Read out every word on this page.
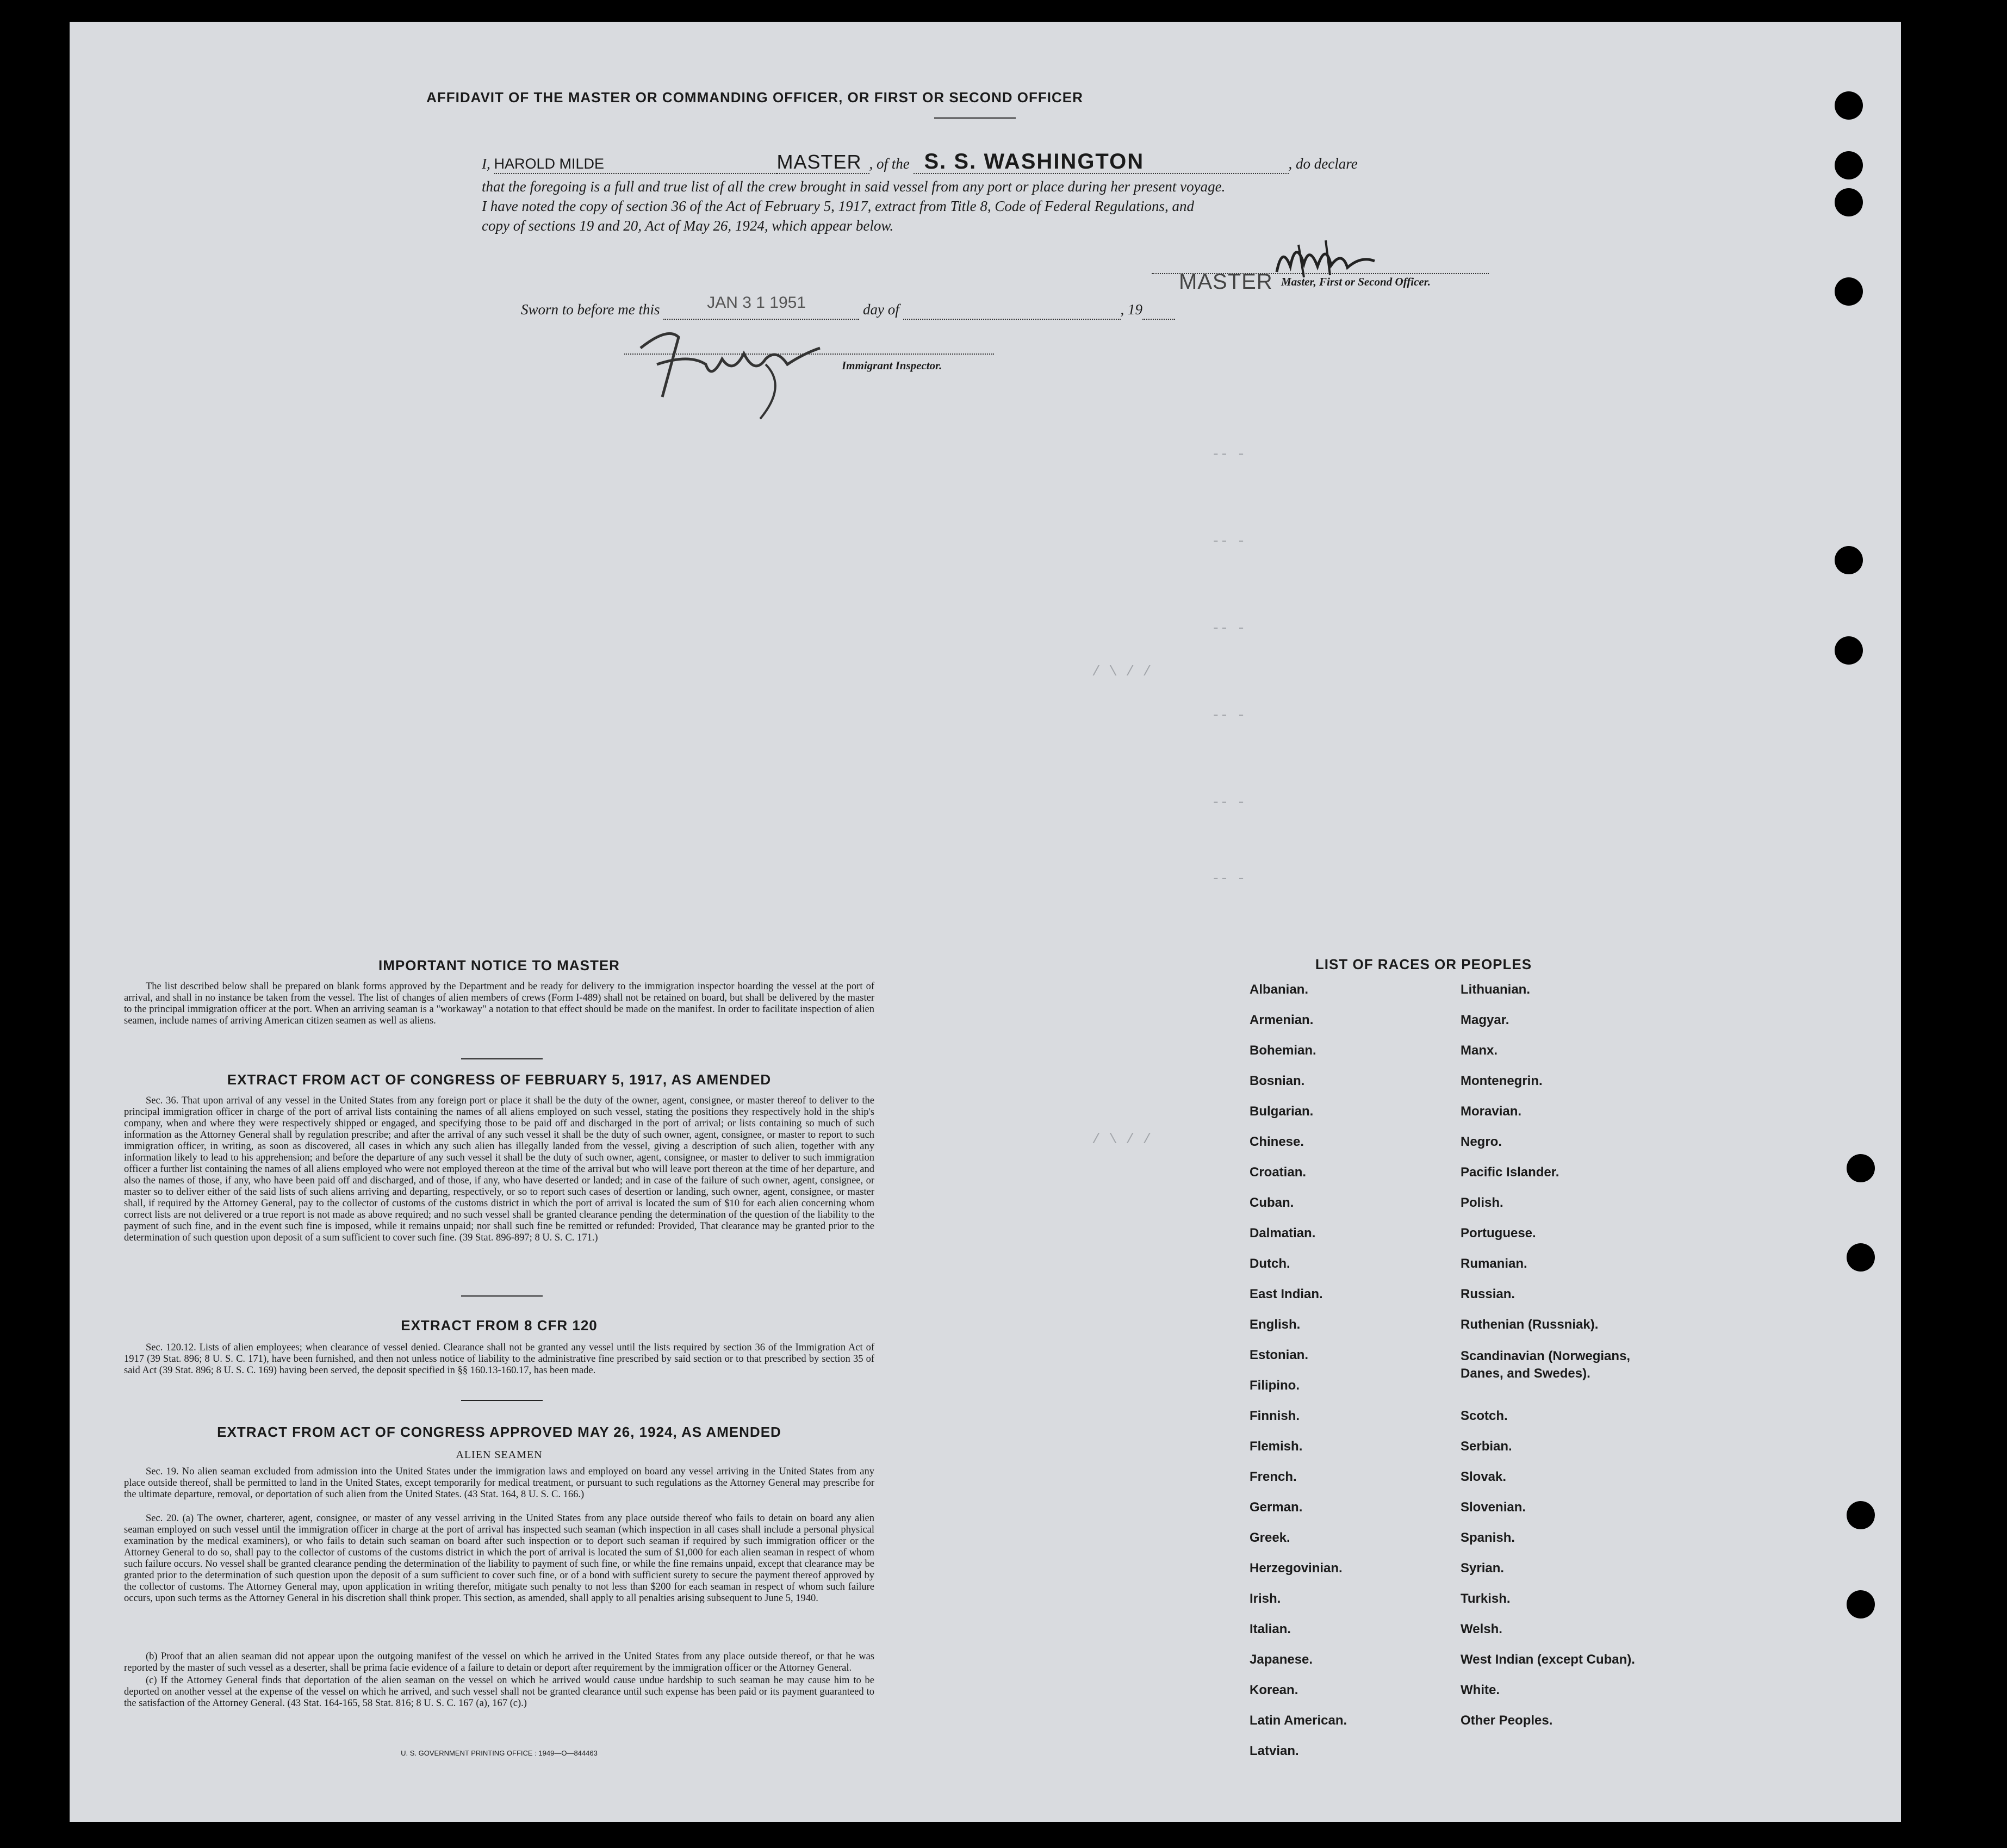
-- -
-- -
-- -
-- -
-- -
-- -
/ \ / /
/ \ / /
AFFIDAVIT OF THE MASTER OR COMMANDING OFFICER, OR FIRST OR SECOND OFFICER
I, HAROLD MILDE	MASTER , of the S. S. WASHINGTON	, do declare
that the foregoing is a full and true list of all the crew brought in said vessel from any port or place during her present voyage.
I have noted the copy of section 36 of the Act of February 5, 1917, extract from Title 8, Code of Federal Regulations, and
copy of sections 19 and 20, Act of May 26, 1924, which appear below.
MASTER Master, First or Second Officer.
Sworn to before me this	JAN 3 1 1951	day of	, 19
Immigrant Inspector.
IMPORTANT NOTICE TO MASTER
The list described below shall be prepared on blank forms approved by the Department and be ready for delivery to the immigration inspector boarding the vessel at the port of arrival, and shall in no instance be taken from the vessel. The list of changes of alien members of crews (Form I-489) shall not be retained on board, but shall be delivered by the master to the principal immigration officer at the port. When an arriving seaman is a "workaway" a notation to that effect should be made on the manifest. In order to facilitate inspection of alien seamen, include names of arriving American citizen seamen as well as aliens.
EXTRACT FROM ACT OF CONGRESS OF FEBRUARY 5, 1917, AS AMENDED
Sec. 36. That upon arrival of any vessel in the United States from any foreign port or place it shall be the duty of the owner, agent, consignee, or master thereof to deliver to the principal immigration officer in charge of the port of arrival lists containing the names of all aliens employed on such vessel, stating the positions they respectively hold in the ship's company, when and where they were respectively shipped or engaged, and specifying those to be paid off and discharged in the port of arrival; or lists containing so much of such information as the Attorney General shall by regulation prescribe; and after the arrival of any such vessel it shall be the duty of such owner, agent, consignee, or master to report to such immigration officer, in writing, as soon as discovered, all cases in which any such alien has illegally landed from the vessel, giving a description of such alien, together with any information likely to lead to his apprehension; and before the departure of any such vessel it shall be the duty of such owner, agent, consignee, or master to deliver to such immigration officer a further list containing the names of all aliens employed who were not employed thereon at the time of the arrival but who will leave port thereon at the time of her departure, and also the names of those, if any, who have been paid off and discharged, and of those, if any, who have deserted or landed; and in case of the failure of such owner, agent, consignee, or master so to deliver either of the said lists of such aliens arriving and departing, respectively, or so to report such cases of desertion or landing, such owner, agent, consignee, or master shall, if required by the Attorney General, pay to the collector of customs of the customs district in which the port of arrival is located the sum of $10 for each alien concerning whom correct lists are not delivered or a true report is not made as above required; and no such vessel shall be granted clearance pending the determination of the question of the liability to the payment of such fine, and in the event such fine is imposed, while it remains unpaid; nor shall such fine be remitted or refunded: Provided, That clearance may be granted prior to the determination of such question upon deposit of a sum sufficient to cover such fine. (39 Stat. 896-897; 8 U. S. C. 171.)
EXTRACT FROM 8 CFR 120
Sec. 120.12. Lists of alien employees; when clearance of vessel denied. Clearance shall not be granted any vessel until the lists required by section 36 of the Immigration Act of 1917 (39 Stat. 896; 8 U. S. C. 171), have been furnished, and then not unless notice of liability to the administrative fine prescribed by said section or to that prescribed by section 35 of said Act (39 Stat. 896; 8 U. S. C. 169) having been served, the deposit specified in §§ 160.13-160.17, has been made.
EXTRACT FROM ACT OF CONGRESS APPROVED MAY 26, 1924, AS AMENDED
ALIEN SEAMEN
Sec. 19. No alien seaman excluded from admission into the United States under the immigration laws and employed on board any vessel arriving in the United States from any place outside thereof, shall be permitted to land in the United States, except temporarily for medical treatment, or pursuant to such regulations as the Attorney General may prescribe for the ultimate departure, removal, or deportation of such alien from the United States. (43 Stat. 164, 8 U. S. C. 166.)
Sec. 20. (a) The owner, charterer, agent, consignee, or master of any vessel arriving in the United States from any place outside thereof who fails to detain on board any alien seaman employed on such vessel until the immigration officer in charge at the port of arrival has inspected such seaman (which inspection in all cases shall include a personal physical examination by the medical examiners), or who fails to detain such seaman on board after such inspection or to deport such seaman if required by such immigration officer or the Attorney General to do so, shall pay to the collector of customs of the customs district in which the port of arrival is located the sum of $1,000 for each alien seaman in respect of whom such failure occurs. No vessel shall be granted clearance pending the determination of the liability to payment of such fine, or while the fine remains unpaid, except that clearance may be granted prior to the determination of such question upon the deposit of a sum sufficient to cover such fine, or of a bond with sufficient surety to secure the payment thereof approved by the collector of customs. The Attorney General may, upon application in writing therefor, mitigate such penalty to not less than $200 for each seaman in respect of whom such failure occurs, upon such terms as the Attorney General in his discretion shall think proper. This section, as amended, shall apply to all penalties arising subsequent to June 5, 1940.
(b) Proof that an alien seaman did not appear upon the outgoing manifest of the vessel on which he arrived in the United States from any place outside thereof, or that he was reported by the master of such vessel as a deserter, shall be prima facie evidence of a failure to detain or deport after requirement by the immigration officer or the Attorney General.
(c) If the Attorney General finds that deportation of the alien seaman on the vessel on which he arrived would cause undue hardship to such seaman he may cause him to be deported on another vessel at the expense of the vessel on which he arrived, and such vessel shall not be granted clearance until such expense has been paid or its payment guaranteed to the satisfaction of the Attorney General. (43 Stat. 164-165, 58 Stat. 816; 8 U. S. C. 167 (a), 167 (c).)
U. S. GOVERNMENT PRINTING OFFICE : 1949—O—844463
LIST OF RACES OR PEOPLES
Albanian.
Armenian.
Bohemian.
Bosnian.
Bulgarian.
Chinese.
Croatian.
Cuban.
Dalmatian.
Dutch.
East Indian.
English.
Estonian.
Filipino.
Finnish.
Flemish.
French.
German.
Greek.
Herzegovinian.
Irish.
Italian.
Japanese.
Korean.
Latin American.
Latvian.
Lithuanian.
Magyar.
Manx.
Montenegrin.
Moravian.
Negro.
Pacific Islander.
Polish.
Portuguese.
Rumanian.
Russian.
Ruthenian (Russniak).
Scandinavian (Norwegians, Danes, and Swedes).
Scotch.
Serbian.
Slovak.
Slovenian.
Spanish.
Syrian.
Turkish.
Welsh.
West Indian (except Cuban).
White.
Other Peoples.
